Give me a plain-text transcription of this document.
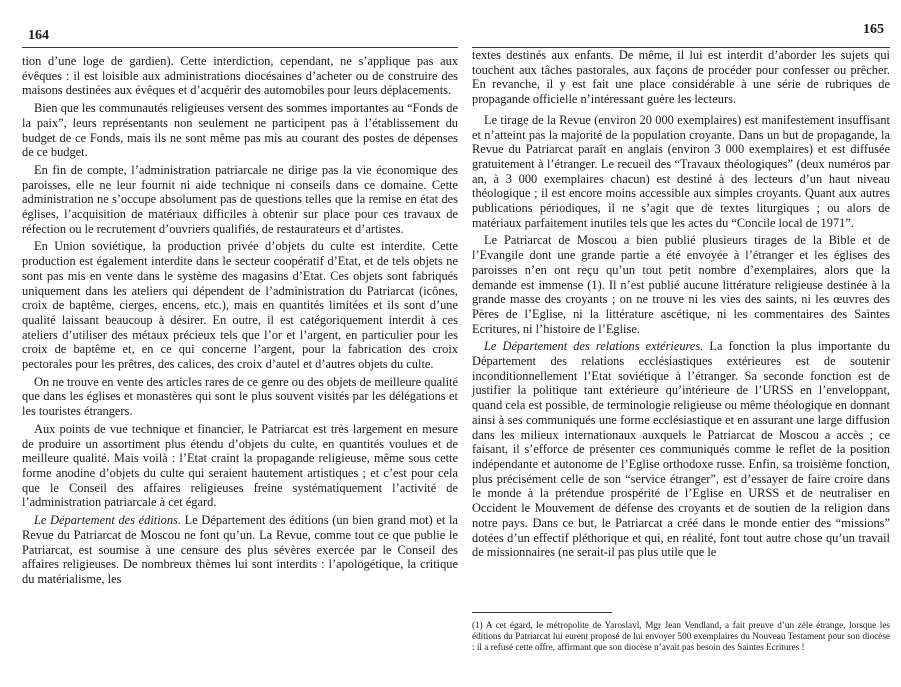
164

tion d’une loge de gardien). Cette interdiction, cependant, ne s’applique pas aux évêques : il est loisible aux administrations diocésaines d’acheter ou de construire des maisons destinées aux évêques et d’acquérir des automobiles pour leurs déplacements.

Bien que les communautés religieuses versent des sommes importantes au “Fonds de la paix”, leurs représentants non seulement ne participent pas à l’établissement du budget de ce Fonds, mais ils ne sont même pas mis au courant des postes de dépenses de ce budget.

En fin de compte, l’administration patriarcale ne dirige pas la vie économique des paroisses, elle ne leur fournit ni aide technique ni conseils dans ce domaine. Cette administration ne s’occupe absolument pas de questions telles que la remise en état des églises, l’acquisition de matériaux difficiles à obtenir sur place pour ces travaux de réfection ou le recrutement d’ouvriers qualifiés, de restaurateurs et d’artistes.

En Union soviétique, la production privée d’objets du culte est interdite. Cette production est également interdite dans le secteur coopératif d’Etat, et de tels objets ne sont pas mis en vente dans le système des magasins d’Etat. Ces objets sont fabriqués uniquement dans les ateliers qui dépendent de l’administration du Patriarcat (icônes, croix de baptême, cierges, encens, etc.), mais en quantités limitées et ils sont d’une qualité laissant beaucoup à désirer. En outre, il est catégoriquement interdit à ces ateliers d’utiliser des métaux précieux tels que l’or et l’argent, en particulier pour les croix de baptême et, en ce qui concerne l’argent, pour la fabrication des croix pectorales pour les prêtres, des calices, des croix d’autel et d’autres objets du culte.

On ne trouve en vente des articles rares de ce genre ou des objets de meilleure qualité que dans les églises et monastères qui sont le plus souvent visités par les délégations et les touristes étrangers.

Aux points de vue technique et financier, le Patriarcat est très largement en mesure de produire un assortiment plus étendu d’objets du culte, en quantités voulues et de meilleure qualité. Mais voilà : l’Etat craint la propagande religieuse, même sous cette forme anodine d’objets du culte qui seraient hautement artistiques ; et c’est pour cela que le Conseil des affaires religieuses freine systématiquement l’activité de l’administration patriarcale à cet égard.

Le Département des éditions. Le Département des éditions (un bien grand mot) et la Revue du Patriarcat de Moscou ne font qu’un. La Revue, comme tout ce que publie le Patriarcat, est soumise à une censure des plus sévères exercée par le Conseil des affaires religieuses. De nombreux thèmes lui sont interdits : l’apologétique, la critique du matérialisme, les

165

textes destinés aux enfants. De même, il lui est interdit d’aborder les sujets qui touchent aux tâches pastorales, aux façons de procéder pour confesser ou prêcher. En revanche, il y est fait une place considérable à une série de rubriques de propagande officielle n’intéressant guère les lecteurs.

Le tirage de la Revue (environ 20 000 exemplaires) est manifestement insuffisant et n’atteint pas la majorité de la population croyante. Dans un but de propagande, la Revue du Patriarcat paraît en anglais (environ 3 000 exemplaires) et est diffusée gratuitement à l’étranger. Le recueil des “Travaux théologiques” (deux numéros par an, à 3 000 exemplaires chacun) est destiné à des lecteurs d’un haut niveau théologique ; il est encore moins accessible aux simples croyants. Quant aux autres publications périodiques, il ne s’agit que de textes liturgiques ; ou alors de matériaux parfaitement inutiles tels que les actes du “Concile local de 1971”.

Le Patriarcat de Moscou a bien publié plusieurs tirages de la Bible et de l’Evangile dont une grande partie a été envoyée à l’étranger et les églises des paroisses n’en ont reçu qu’un tout petit nombre d’exemplaires, alors que la demande est immense (1). Il n’est publié aucune littérature religieuse destinée à la grande masse des croyants ; on ne trouve ni les vies des saints, ni les œuvres des Pères de l’Eglise, ni la littérature ascétique, ni les commentaires des Saintes Ecritures, ni l’histoire de l’Eglise.

Le Département des relations extérieures. La fonction la plus importante du Département des relations ecclésiastiques extérieures est de soutenir inconditionnellement l’Etat soviétique à l’étranger. Sa seconde fonction est de justifier la politique tant extérieure qu’intérieure de l’URSS en l’enveloppant, quand cela est possible, de terminologie religieuse ou même théologique en donnant ainsi à ses communiqués une forme ecclésiastique et en assurant une large diffusion dans les milieux internationaux auxquels le Patriarcat de Moscou a accès ; ce faisant, il s’efforce de présenter ces communiqués comme le reflet de la position indépendante et autonome de l’Eglise orthodoxe russe. Enfin, sa troisième fonction, plus précisément celle de son “service étranger”, est d’essayer de faire croire dans le monde à la prétendue prospérité de l’Eglise en URSS et de neutraliser en Occident le Mouvement de défense des croyants et de soutien de la religion dans notre pays. Dans ce but, le Patriarcat a créé dans le monde entier des “missions” dotées d’un effectif pléthorique et qui, en réalité, font tout autre chose qu’un travail de missionnaires (ne serait-il pas plus utile que le

(1) A cet égard, le métropolite de Yaroslavl, Mgr Jean Vendland, a fait preuve d’un zèle étrange, lorsque les éditions du Patriarcat lui eurent proposé de lui envoyer 500 exemplaires du Nouveau Testament pour son diocèse : il a refusé cette offre, affirmant que son diocèse n’avait pas besoin des Saintes Ecritures !
